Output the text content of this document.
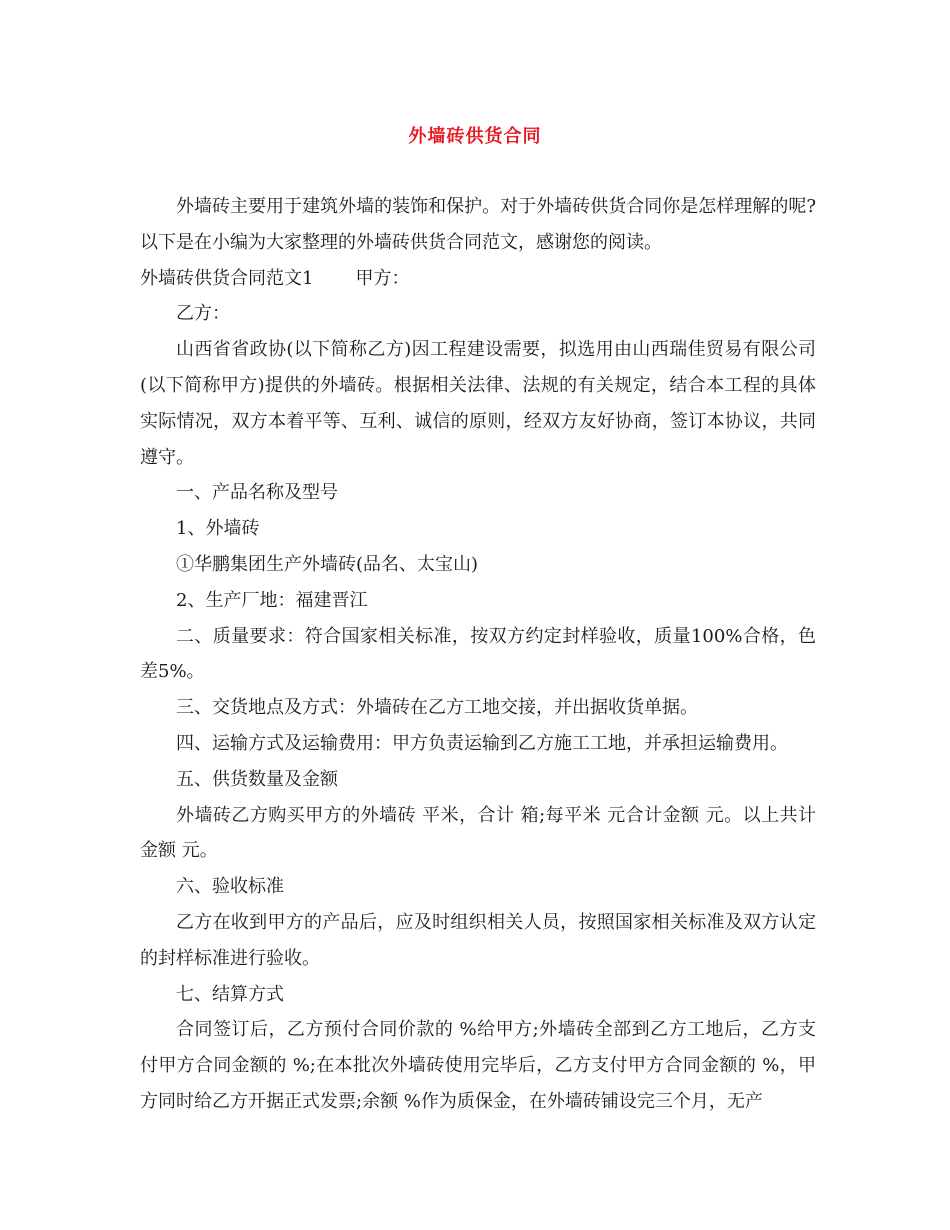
外墙砖供货合同

外墙砖主要用于建筑外墙的装饰和保护。对于外墙砖供货合同你是怎样理解的呢?以下是在小编为大家整理的外墙砖供货合同范文，感谢您的阅读。

外墙砖供货合同范文1 甲方：

乙方：

山西省省政协(以下简称乙方)因工程建设需要，拟选用由山西瑞佳贸易有限公司(以下简称甲方)提供的外墙砖。根据相关法律、法规的有关规定，结合本工程的具体实际情况，双方本着平等、互利、诚信的原则，经双方友好协商，签订本协议，共同遵守。

一、产品名称及型号

1、外墙砖

①华鹏集团生产外墙砖(品名、太宝山)

2、生产厂地：福建晋江

二、质量要求：符合国家相关标准，按双方约定封样验收，质量100%合格，色差5%。

三、交货地点及方式：外墙砖在乙方工地交接，并出据收货单据。

四、运输方式及运输费用：甲方负责运输到乙方施工工地，并承担运输费用。

五、供货数量及金额

外墙砖乙方购买甲方的外墙砖 平米，合计 箱;每平米 元合计金额 元。以上共计金额 元。

六、验收标准

乙方在收到甲方的产品后，应及时组织相关人员，按照国家相关标准及双方认定的封样标准进行验收。

七、结算方式

合同签订后，乙方预付合同价款的 %给甲方;外墙砖全部到乙方工地后，乙方支付甲方合同金额的 %;在本批次外墙砖使用完毕后，乙方支付甲方合同金额的 %，甲方同时给乙方开据正式发票;余额 %作为质保金，在外墙砖铺设完三个月，无产
